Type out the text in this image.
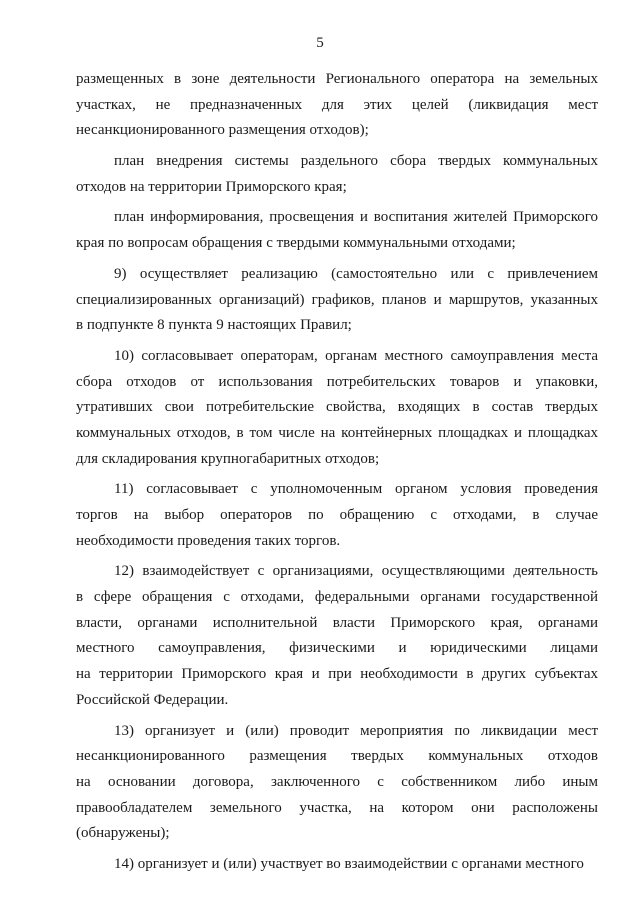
5
размещенных в зоне деятельности Регионального оператора на земельных
участках, не предназначенных для этих целей (ликвидация мест
несанкционированного размещения отходов);
план внедрения системы раздельного сбора твердых коммунальных
отходов на территории Приморского края;
план информирования, просвещения и воспитания жителей Приморского
края по вопросам обращения с твердыми коммунальными отходами;
9) осуществляет реализацию (самостоятельно или с привлечением
специализированных организаций) графиков, планов и маршрутов, указанных
в подпункте 8 пункта 9 настоящих Правил;
10) согласовывает операторам, органам местного самоуправления места
сбора отходов от использования потребительских товаров и упаковки,
утративших свои потребительские свойства, входящих в состав твердых
коммунальных отходов, в том числе на контейнерных площадках и площадках
для складирования крупногабаритных отходов;
11) согласовывает с уполномоченным органом условия проведения
торгов на выбор операторов по обращению с отходами, в случае
необходимости проведения таких торгов.
12) взаимодействует с организациями, осуществляющими деятельность
в сфере обращения с отходами, федеральными органами государственной
власти, органами исполнительной власти Приморского края, органами
местного самоуправления, физическими и юридическими лицами
на территории Приморского края и при необходимости в других субъектах
Российской Федерации.
13) организует и (или) проводит мероприятия по ликвидации мест
несанкционированного размещения твердых коммунальных отходов
на основании договора, заключенного с собственником либо иным
правообладателем земельного участка, на котором они расположены
(обнаружены);
14) организует и (или) участвует во взаимодействии с органами местного
